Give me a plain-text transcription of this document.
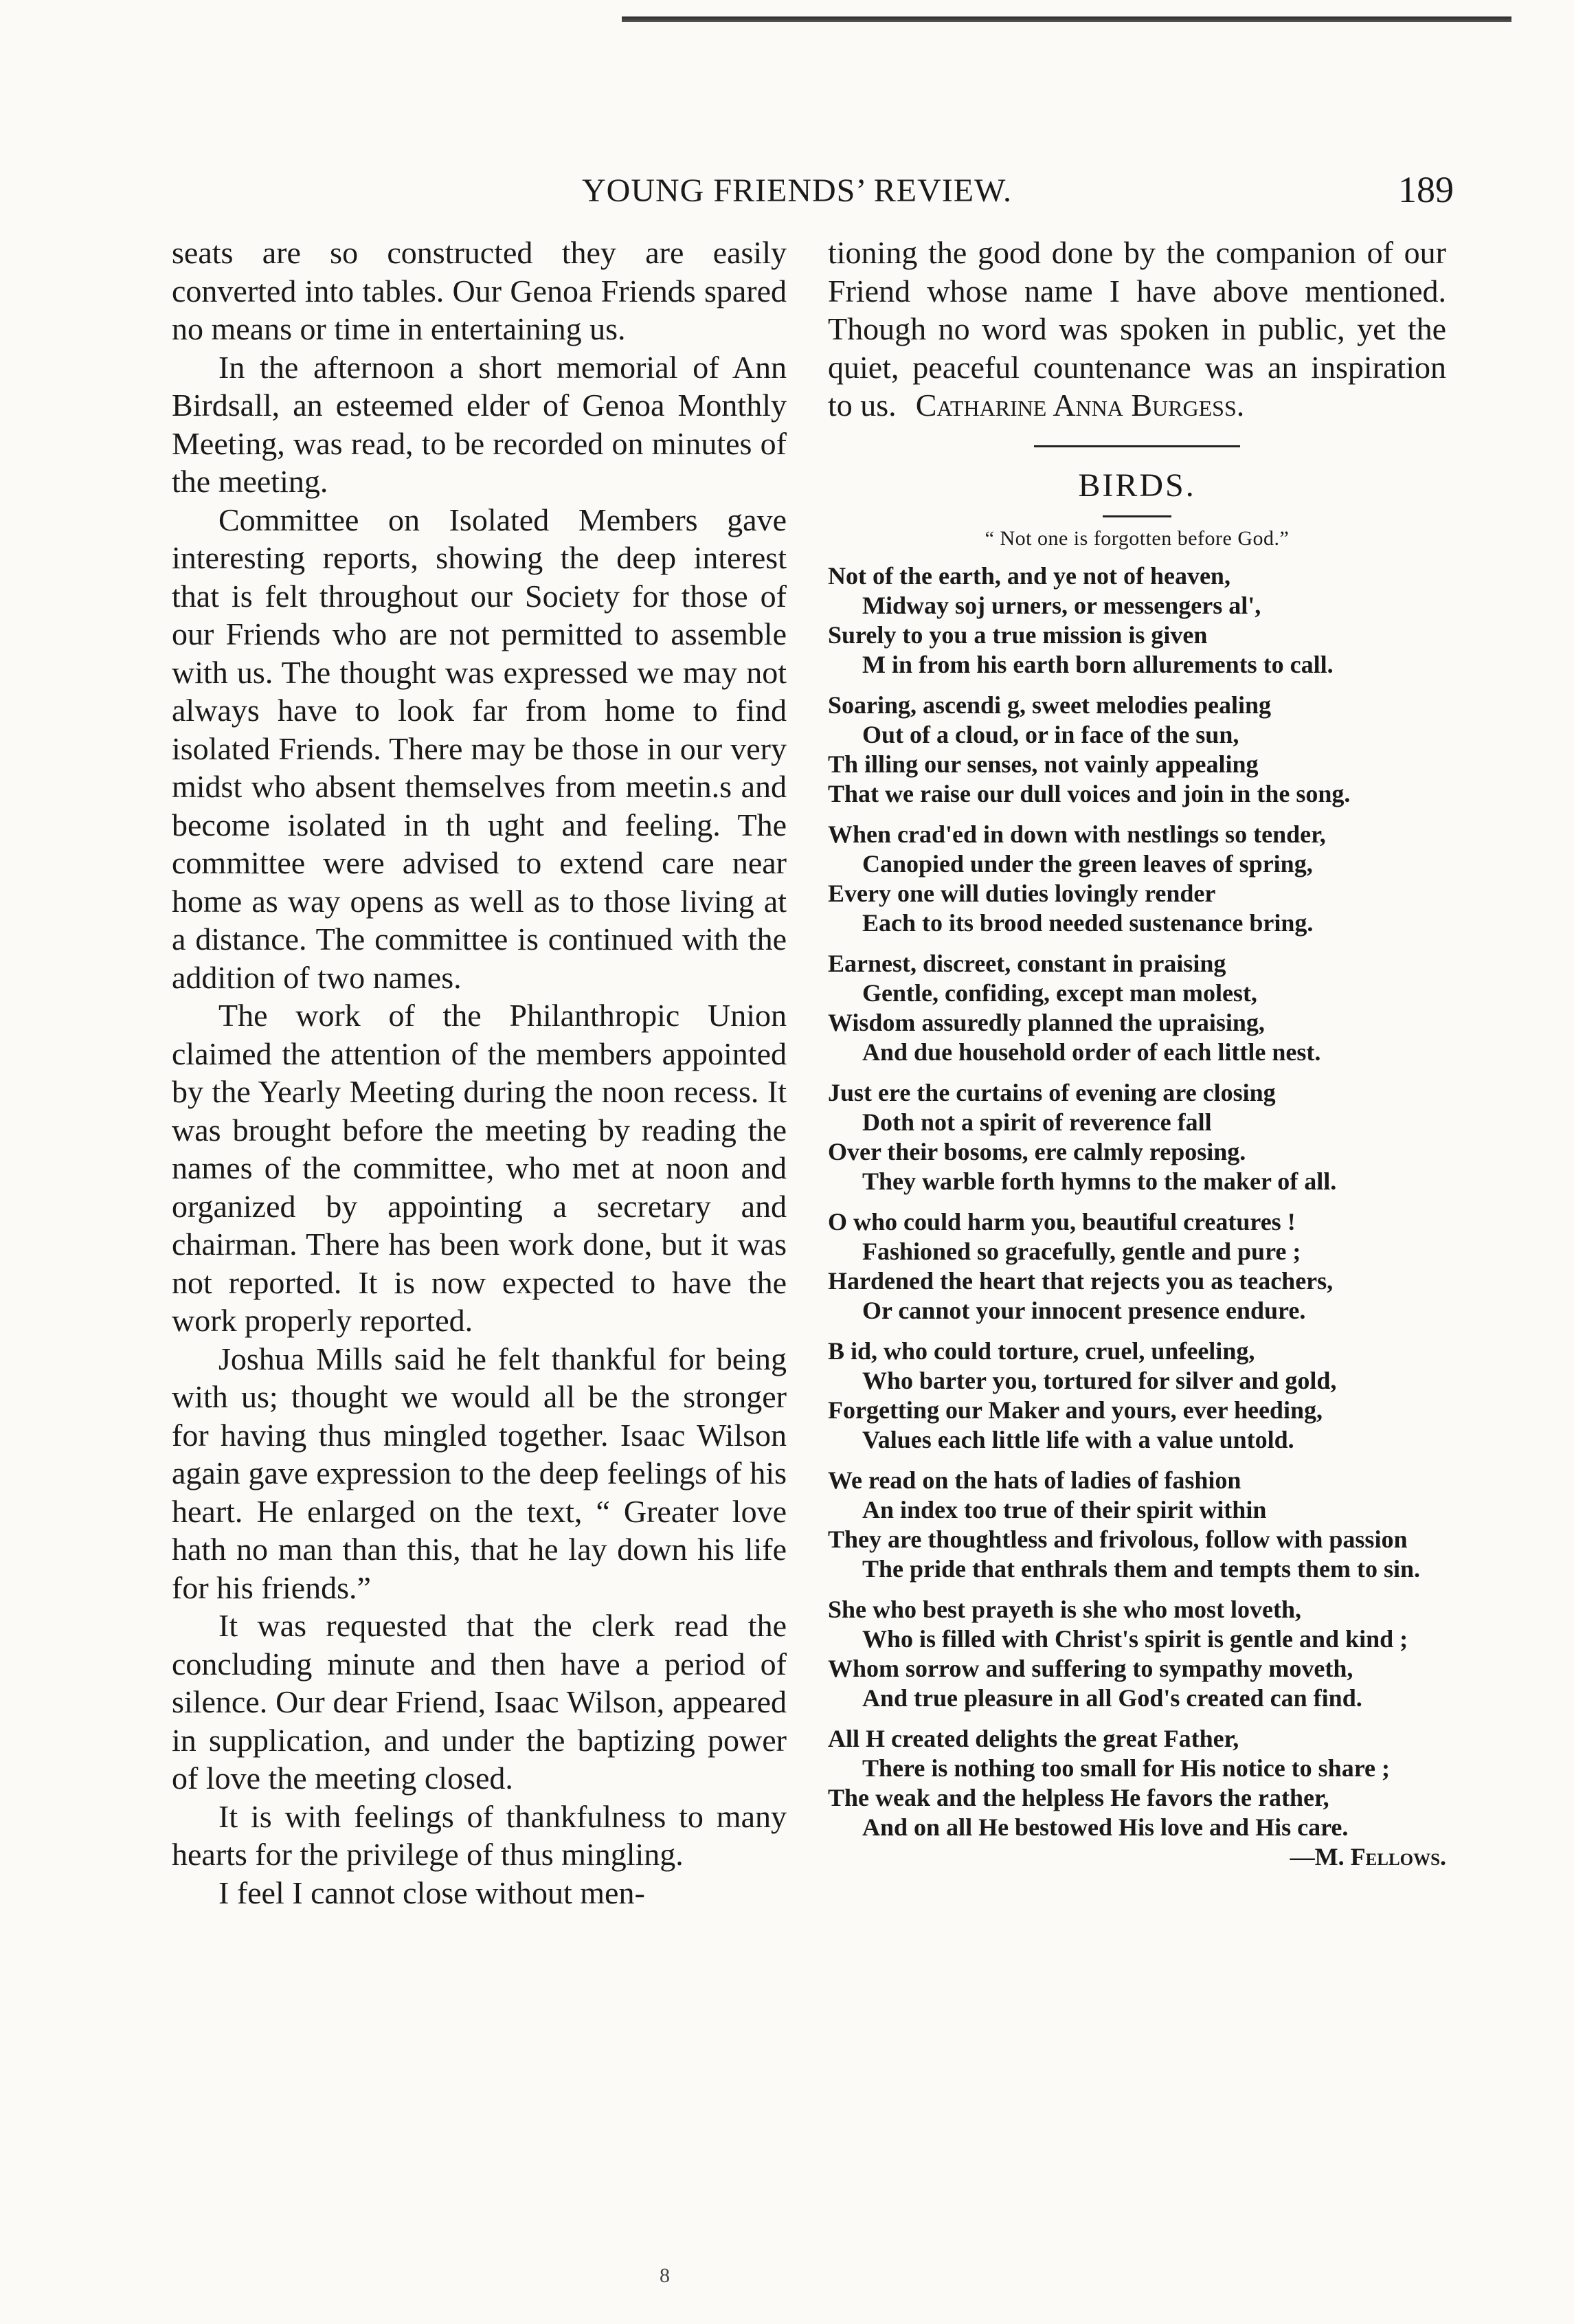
YOUNG FRIENDS’ REVIEW.	189

seats are so constructed they are easily converted into tables. Our Genoa Friends spared no means or time in entertaining us.

In the afternoon a short memorial of Ann Birdsall, an esteemed elder of Genoa Monthly Meeting, was read, to be recorded on minutes of the meeting.

Committee on Isolated Members gave interesting reports, showing the deep interest that is felt throughout our Society for those of our Friends who are not permitted to assemble with us. The thought was expressed we may not always have to look far from home to find isolated Friends. There may be those in our very midst who absent themselves from meetin.s and become isolated in th ught and feeling. The committee were advised to extend care near home as way opens as well as to those living at a distance. The committee is continued with the addition of two names.

The work of the Philanthropic Union claimed the attention of the members appointed by the Yearly Meeting during the noon recess. It was brought before the meeting by reading the names of the committee, who met at noon and organized by appointing a secretary and chairman. There has been work done, but it was not reported. It is now expected to have the work properly reported.

Joshua Mills said he felt thankful for being with us; thought we would all be the stronger for having thus mingled together. Isaac Wilson again gave expression to the deep feelings of his heart. He enlarged on the text, “ Greater love hath no man than this, that he lay down his life for his friends.”

It was requested that the clerk read the concluding minute and then have a period of silence. Our dear Friend, Isaac Wilson, appeared in supplication, and under the baptizing power of love the meeting closed.

It is with feelings of thankfulness to many hearts for the privilege of thus mingling.

I feel I cannot close without men-

tioning the good done by the companion of our Friend whose name I have above mentioned. Though no word was spoken in public, yet the quiet, peaceful countenance was an inspiration to us. Catharine Anna Burgess.

BIRDS.
“ Not one is forgotten before God.”
Not of the earth, and ye not of heaven,
Midway soj urners, or messengers al',
Surely to you a true mission is given
M in from his earth born allurements to call.
Soaring, ascendi g, sweet melodies pealing
Out of a cloud, or in face of the sun,
Th illing our senses, not vainly appealing
That we raise our dull voices and join in the song.
When crad'ed in down with nestlings so tender,
Canopied under the green leaves of spring,
Every one will duties lovingly render
Each to its brood needed sustenance bring.
Earnest, discreet, constant in praising
Gentle, confiding, except man molest,
Wisdom assuredly planned the upraising,
And due household order of each little nest.
Just ere the curtains of evening are closing
Doth not a spirit of reverence fall
Over their bosoms, ere calmly reposing.
They warble forth hymns to the maker of all.
O who could harm you, beautiful creatures !
Fashioned so gracefully, gentle and pure ;
Hardened the heart that rejects you as teachers,
Or cannot your innocent presence endure.
B id, who could torture, cruel, unfeeling,
Who barter you, tortured for silver and gold,
Forgetting our Maker and yours, ever heeding,
Values each little life with a value untold.
We read on the hats of ladies of fashion
An index too true of their spirit within
They are thoughtless and frivolous, follow with passion
The pride that enthrals them and tempts them to sin.
She who best prayeth is she who most loveth,
Who is filled with Christ's spirit is gentle and kind ;
Whom sorrow and suffering to sympathy moveth,
And true pleasure in all God's created can find.
All H created delights the great Father,
There is nothing too small for His notice to share ;
The weak and the helpless He favors the rather,
And on all He bestowed His love and His care.
—M. Fellows.
8
